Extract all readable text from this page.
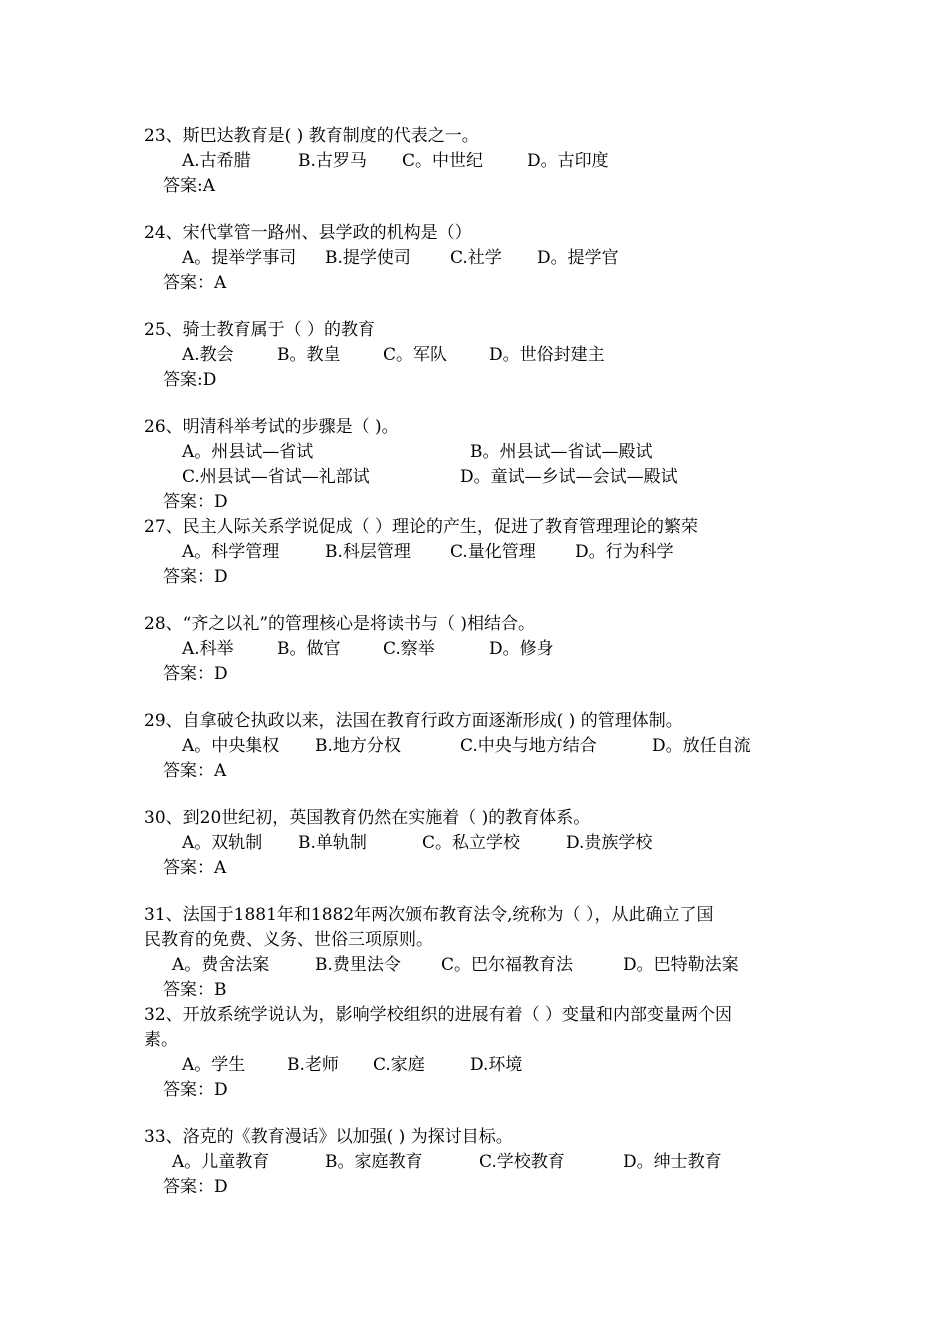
23、斯巴达教育是( ) 教育制度的代表之一。
A.古希腊	B.古罗马 C。中世纪	D。古印度
答案:A
24、宋代掌管一路州、县学政的机构是（）
A。提举学事司 B.提学使司 C.社学 D。提学官
答案：A
25、骑士教育属于（ ）的教育
A.教会	B。教皇	C。军队 D。世俗封建主
答案:D
26、明清科举考试的步骤是（ )。
A。州县试—省试	B。州县试—省试—殿试
C.州县试—省试—礼部试	D。童试—乡试—会试—殿试
答案：D
27、民主人际关系学说促成（ ）理论的产生，促进了教育管理理论的繁荣
A。科学管理	B.科层管理 C.量化管理 D。行为科学
答案：D
28、“齐之以礼”的管理核心是将读书与（ )相结合。
A.科举	B。做官	C.察举	D。修身
答案：D
29、自拿破仑执政以来，法国在教育行政方面逐渐形成( ) 的管理体制。
A。中央集权 B.地方分权	C.中央与地方结合	D。放任自流
答案：A
30、到20世纪初，英国教育仍然在实施着（ )的教育体系。
A。双轨制 B.单轨制	C。私立学校	D.贵族学校
答案：A
31、法国于1881年和1882年两次颁布教育法令,统称为（ ），从此确立了国
民教育的免费、义务、世俗三项原则。
A。费舍法案	B.费里法令 C。巴尔福教育法	D。巴特勒法案
答案：B
32、开放系统学说认为，影响学校组织的进展有着（ ）变量和内部变量两个因
素。
A。学生 B.老师 C.家庭	D.环境
答案：D
33、洛克的《教育漫话》以加强( ) 为探讨目标。
A。儿童教育	B。家庭教育	C.学校教育	D。绅士教育
答案：D
